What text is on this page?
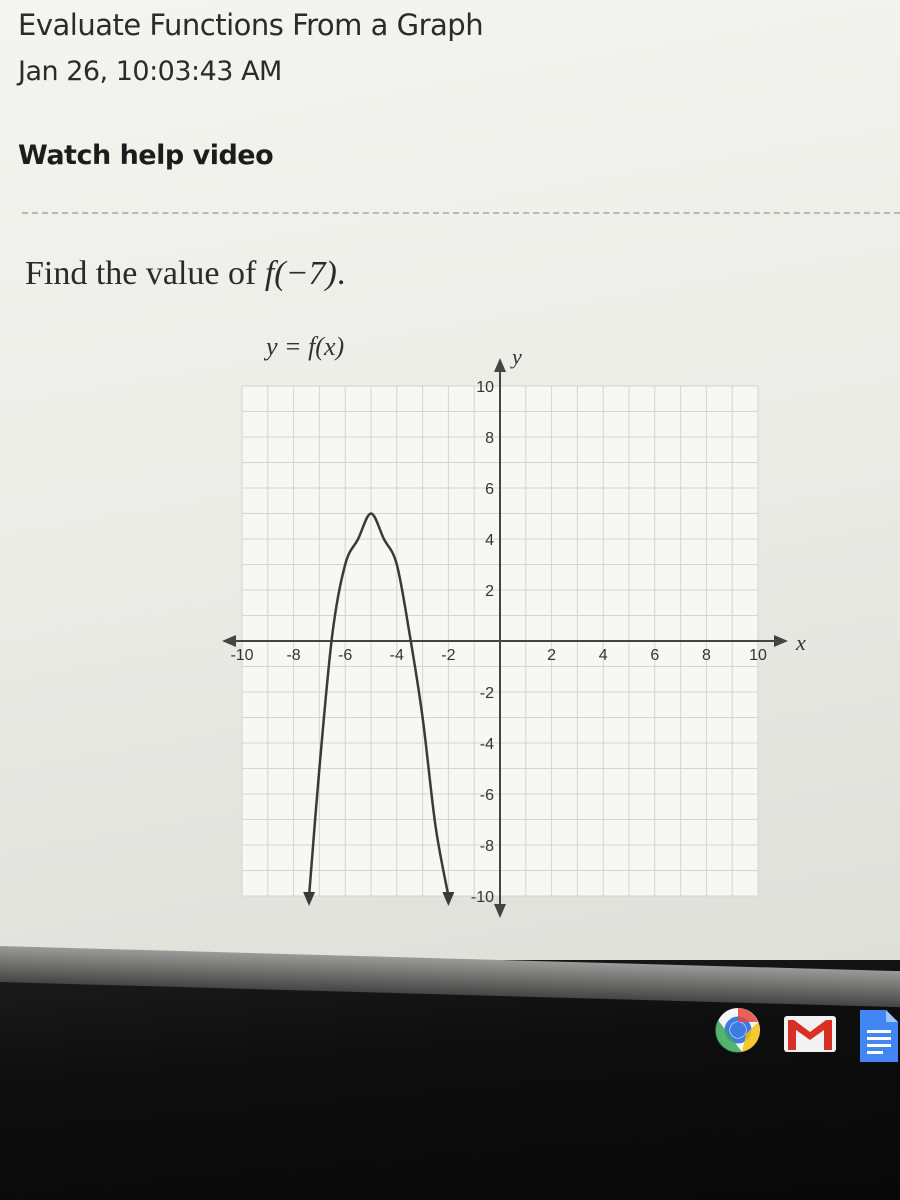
Evaluate Functions From a Graph
Jan 26, 10:03:43 AM
Watch help video
Find the value of f(−7).
y = f(x)
x
y
-10 -8 -6 -4 -2	2	4	6	8 10
10
8
6
4
2
-2
-4
-6
-8
-10
